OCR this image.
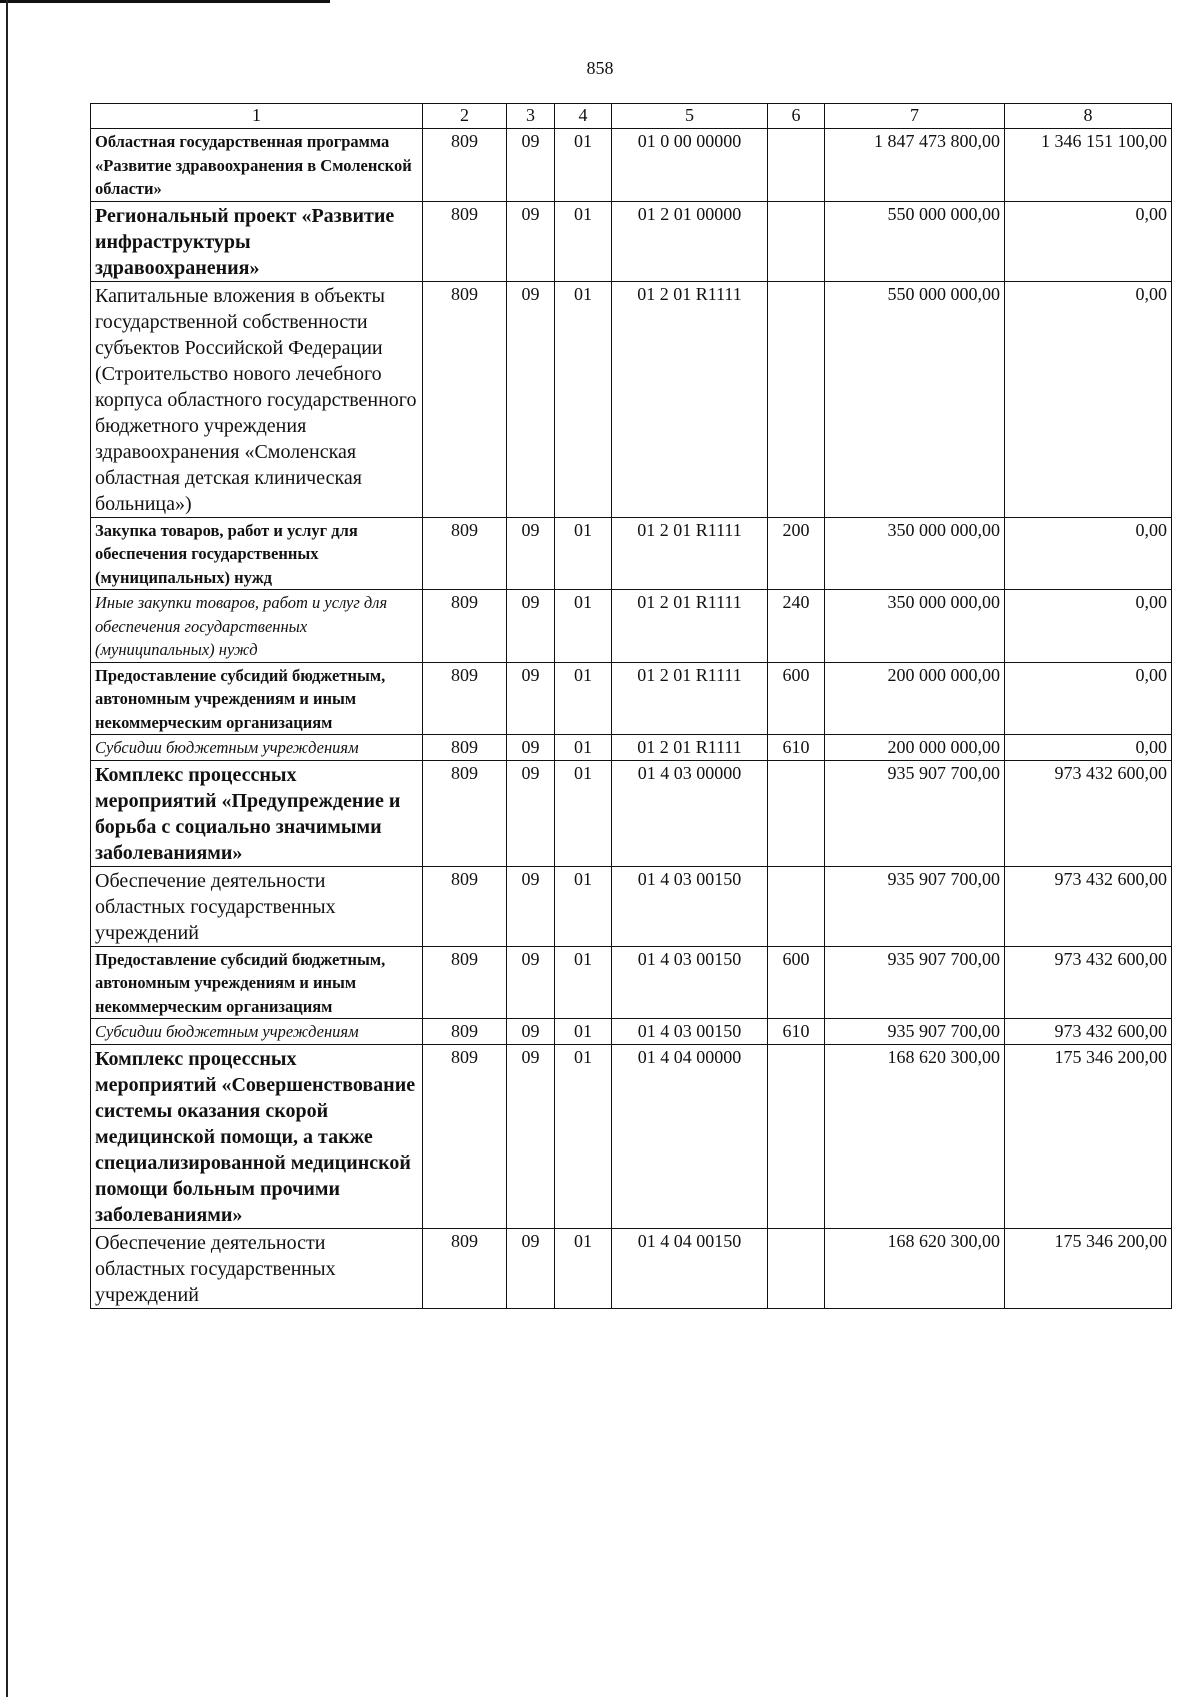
858
1	2	3	4	5	6	7	8
Областная государственная программа «Развитие здравоохранения в Смоленской области»	809	09	01	01 0 00 00000		1 847 473 800,00	1 346 151 100,00
Региональный проект «Развитие инфраструктуры здравоохранения»	809	09	01	01 2 01 00000		550 000 000,00	0,00
Капитальные вложения в объекты государственной собственности субъектов Российской Федерации (Строительство нового лечебного корпуса областного государственного бюджетного учреждения здравоохранения «Смоленская областная детская клиническая больница»)	809	09	01	01 2 01 R1111		550 000 000,00	0,00
Закупка товаров, работ и услуг для обеспечения государственных (муниципальных) нужд	809	09	01	01 2 01 R1111	200	350 000 000,00	0,00
Иные закупки товаров, работ и услуг для обеспечения государственных (муниципальных) нужд	809	09	01	01 2 01 R1111	240	350 000 000,00	0,00
Предоставление субсидий бюджетным, автономным учреждениям и иным некоммерческим организациям	809	09	01	01 2 01 R1111	600	200 000 000,00	0,00
Субсидии бюджетным учреждениям	809	09	01	01 2 01 R1111	610	200 000 000,00	0,00
Комплекс процессных мероприятий «Предупреждение и борьба с социально значимыми заболеваниями»	809	09	01	01 4 03 00000		935 907 700,00	973 432 600,00
Обеспечение деятельности областных государственных учреждений	809	09	01	01 4 03 00150		935 907 700,00	973 432 600,00
Предоставление субсидий бюджетным, автономным учреждениям и иным некоммерческим организациям	809	09	01	01 4 03 00150	600	935 907 700,00	973 432 600,00
Субсидии бюджетным учреждениям	809	09	01	01 4 03 00150	610	935 907 700,00	973 432 600,00
Комплекс процессных мероприятий «Совершенствование системы оказания скорой медицинской помощи, а также специализированной медицинской помощи больным прочими заболеваниями»	809	09	01	01 4 04 00000		168 620 300,00	175 346 200,00
Обеспечение деятельности областных государственных учреждений	809	09	01	01 4 04 00150		168 620 300,00	175 346 200,00
